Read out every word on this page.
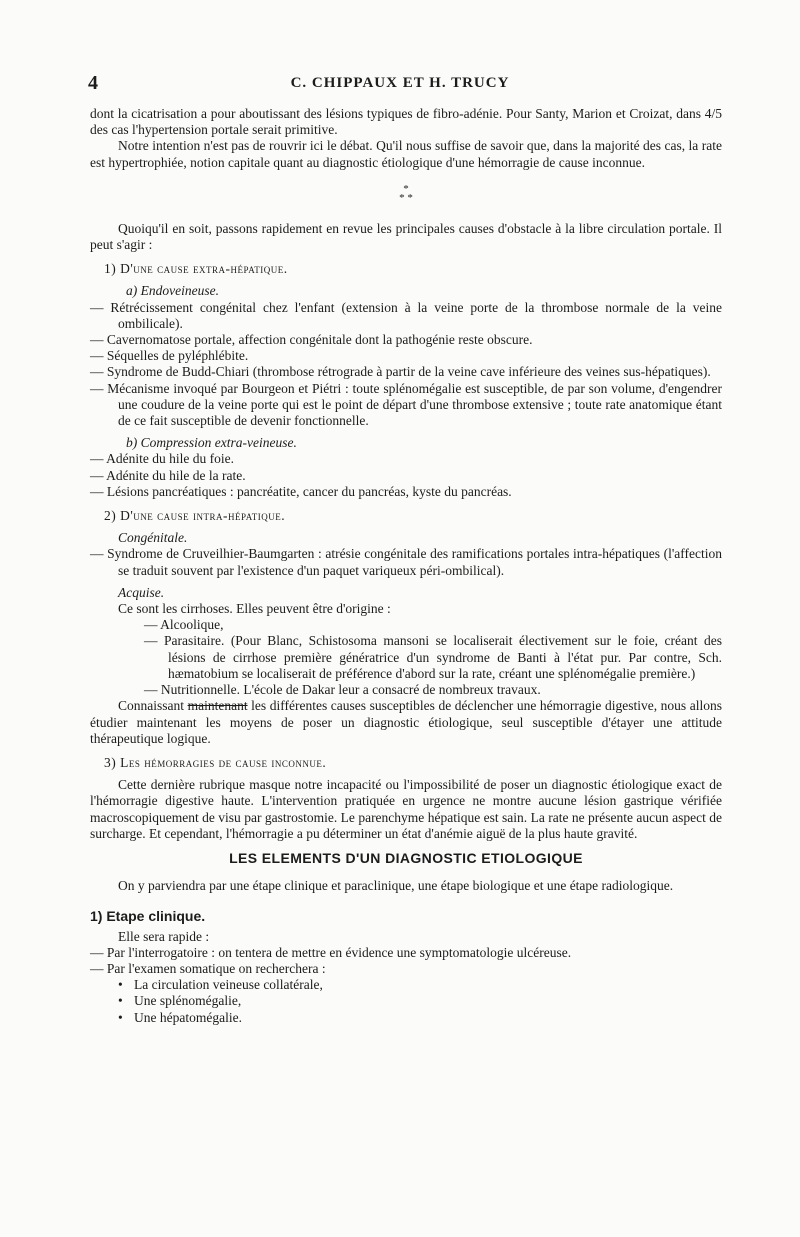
4	C. CHIPPAUX ET H. TRUCY

dont la cicatrisation a pour aboutissant des lésions typiques de fibro-adénie. Pour Santy, Marion et Croizat, dans 4/5 des cas l'hypertension portale serait primitive.

Notre intention n'est pas de rouvrir ici le débat. Qu'il nous suffise de savoir que, dans la majorité des cas, la rate est hypertrophiée, notion capitale quant au diagnostic étiologique d'une hémorragie de cause inconnue.

*
* *

Quoiqu'il en soit, passons rapidement en revue les principales causes d'obstacle à la libre circulation portale. Il peut s'agir :

1) D'une cause extra-hépatique.

a) Endoveineuse.

— Rétrécissement congénital chez l'enfant (extension à la veine porte de la thrombose normale de la veine ombilicale).

— Cavernomatose portale, affection congénitale dont la pathogénie reste obscure.

— Séquelles de pyléphlébite.

— Syndrome de Budd-Chiari (thrombose rétrograde à partir de la veine cave inférieure des veines sus-hépatiques).

— Mécanisme invoqué par Bourgeon et Piétri : toute splénomégalie est susceptible, de par son volume, d'engendrer une coudure de la veine porte qui est le point de départ d'une thrombose extensive ; toute rate anatomique étant de ce fait susceptible de devenir fonctionnelle.

b) Compression extra-veineuse.

— Adénite du hile du foie.

— Adénite du hile de la rate.

— Lésions pancréatiques : pancréatite, cancer du pancréas, kyste du pancréas.

2) D'une cause intra-hépatique.

Congénitale.

— Syndrome de Cruveilhier-Baumgarten : atrésie congénitale des ramifications portales intra-hépatiques (l'affection se traduit souvent par l'existence d'un paquet variqueux péri-ombilical).

Acquise.

Ce sont les cirrhoses. Elles peuvent être d'origine :

— Alcoolique,

— Parasitaire. (Pour Blanc, Schistosoma mansoni se localiserait électivement sur le foie, créant des lésions de cirrhose première génératrice d'un syndrome de Banti à l'état pur. Par contre, Sch. hæmatobium se localiserait de préférence d'abord sur la rate, créant une splénomégalie première.)

— Nutritionnelle. L'école de Dakar leur a consacré de nombreux travaux.

Connaissant maintenant les différentes causes susceptibles de déclencher une hémorragie digestive, nous allons étudier maintenant les moyens de poser un diagnostic étiologique, seul susceptible d'étayer une attitude thérapeutique logique.

3) Les hémorragies de cause inconnue.

Cette dernière rubrique masque notre incapacité ou l'impossibilité de poser un diagnostic étiologique exact de l'hémorragie digestive haute. L'intervention pratiquée en urgence ne montre aucune lésion gastrique vérifiée macroscopiquement de visu par gastrostomie. Le parenchyme hépatique est sain. La rate ne présente aucun aspect de surcharge. Et cependant, l'hémorragie a pu déterminer un état d'anémie aiguë de la plus haute gravité.

LES ELEMENTS D'UN DIAGNOSTIC ETIOLOGIQUE

On y parviendra par une étape clinique et paraclinique, une étape biologique et une étape radiologique.

1) Etape clinique.

Elle sera rapide :

— Par l'interrogatoire : on tentera de mettre en évidence une symptomatologie ulcéreuse.

— Par l'examen somatique on recherchera :

• La circulation veineuse collatérale,

• Une splénomégalie,

• Une hépatomégalie.
